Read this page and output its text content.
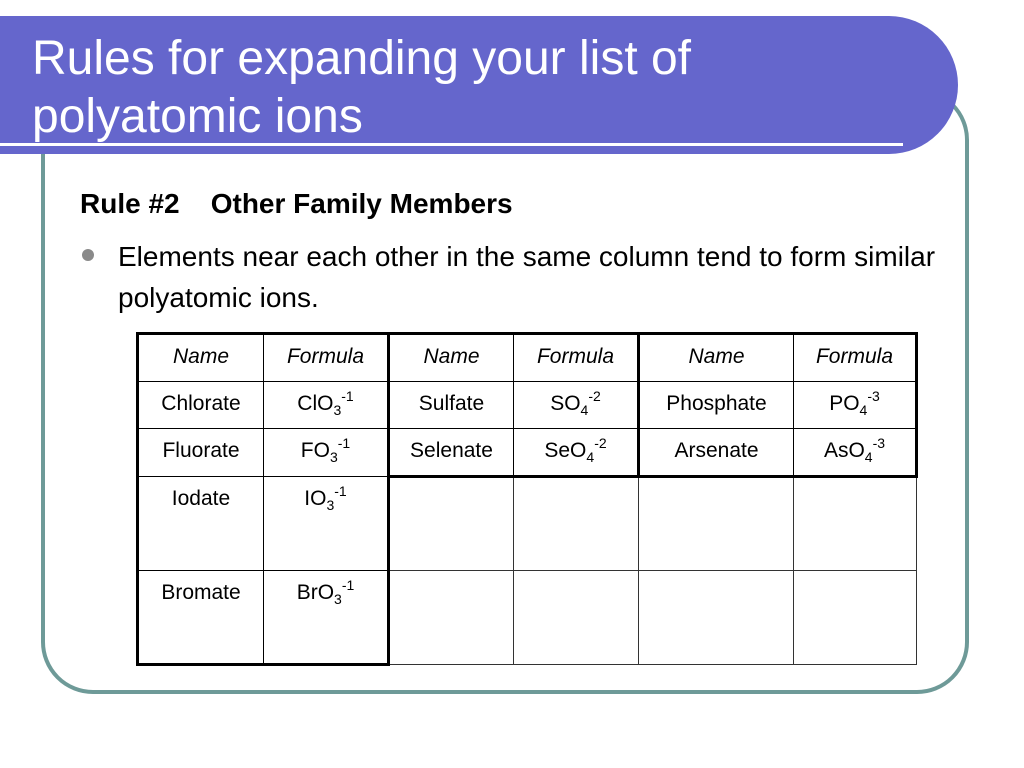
Rules for expanding your list of
polyatomic ions
Rule #2    Other Family Members
Elements near each other in the same column tend to form similar polyatomic ions.
Name	Formula	Name	Formula	Name	Formula
Chlorate	ClO$_3^{-1}$	Sulfate	$SO_4^{-2}$	Phosphate	$PO_4^{-3}$
Fluorate	$FO_3^{-1}$	Selenate	SeO$_4^{-2}$	Arsenate	AsO$_4^{-3}$
Iodate	$IO_3^{-1}$				
Bromate	BrO$_3^{-1}$				
